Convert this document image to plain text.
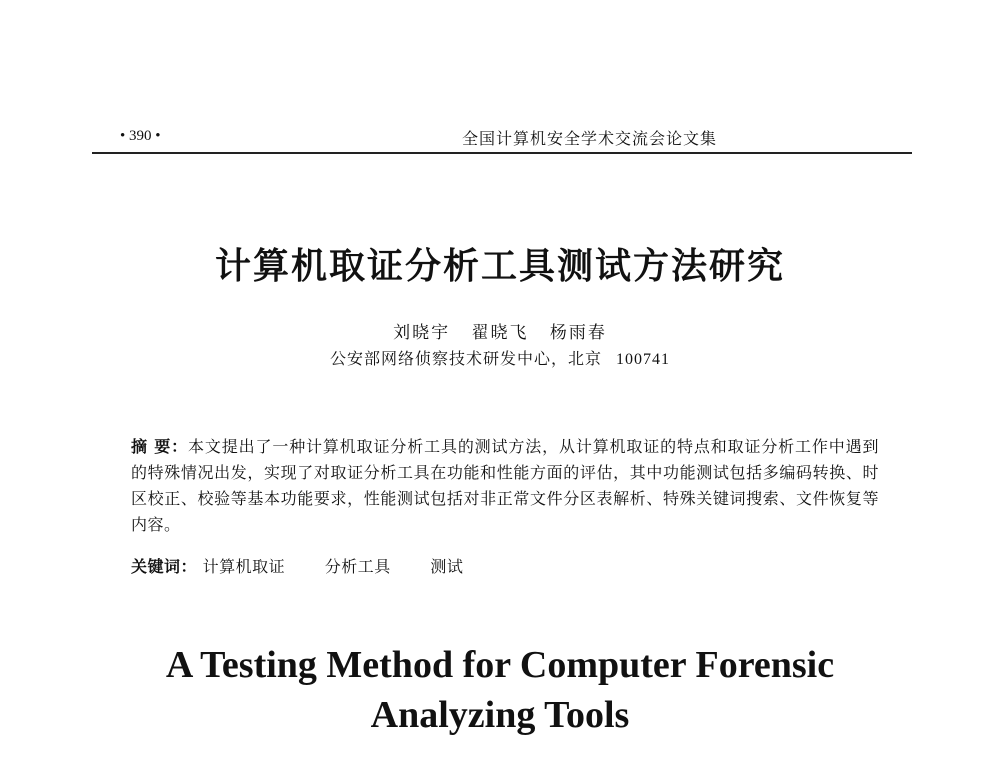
• 390 •	全国计算机安全学术交流会论文集
计算机取证分析工具测试方法研究
刘晓宇 翟晓飞 杨雨春
公安部网络侦察技术研发中心，北京 100741
摘 要：本文提出了一种计算机取证分析工具的测试方法，从计算机取证的特点和取证分析工作中遇到的特殊情况出发，实现了对取证分析工具在功能和性能方面的评估，其中功能测试包括多编码转换、时区校正、校验等基本功能要求，性能测试包括对非正常文件分区表解析、特殊关键词搜索、文件恢复等内容。
关键词： 计算机取证 分析工具 测试
A Testing Method for Computer Forensic
Analyzing Tools
